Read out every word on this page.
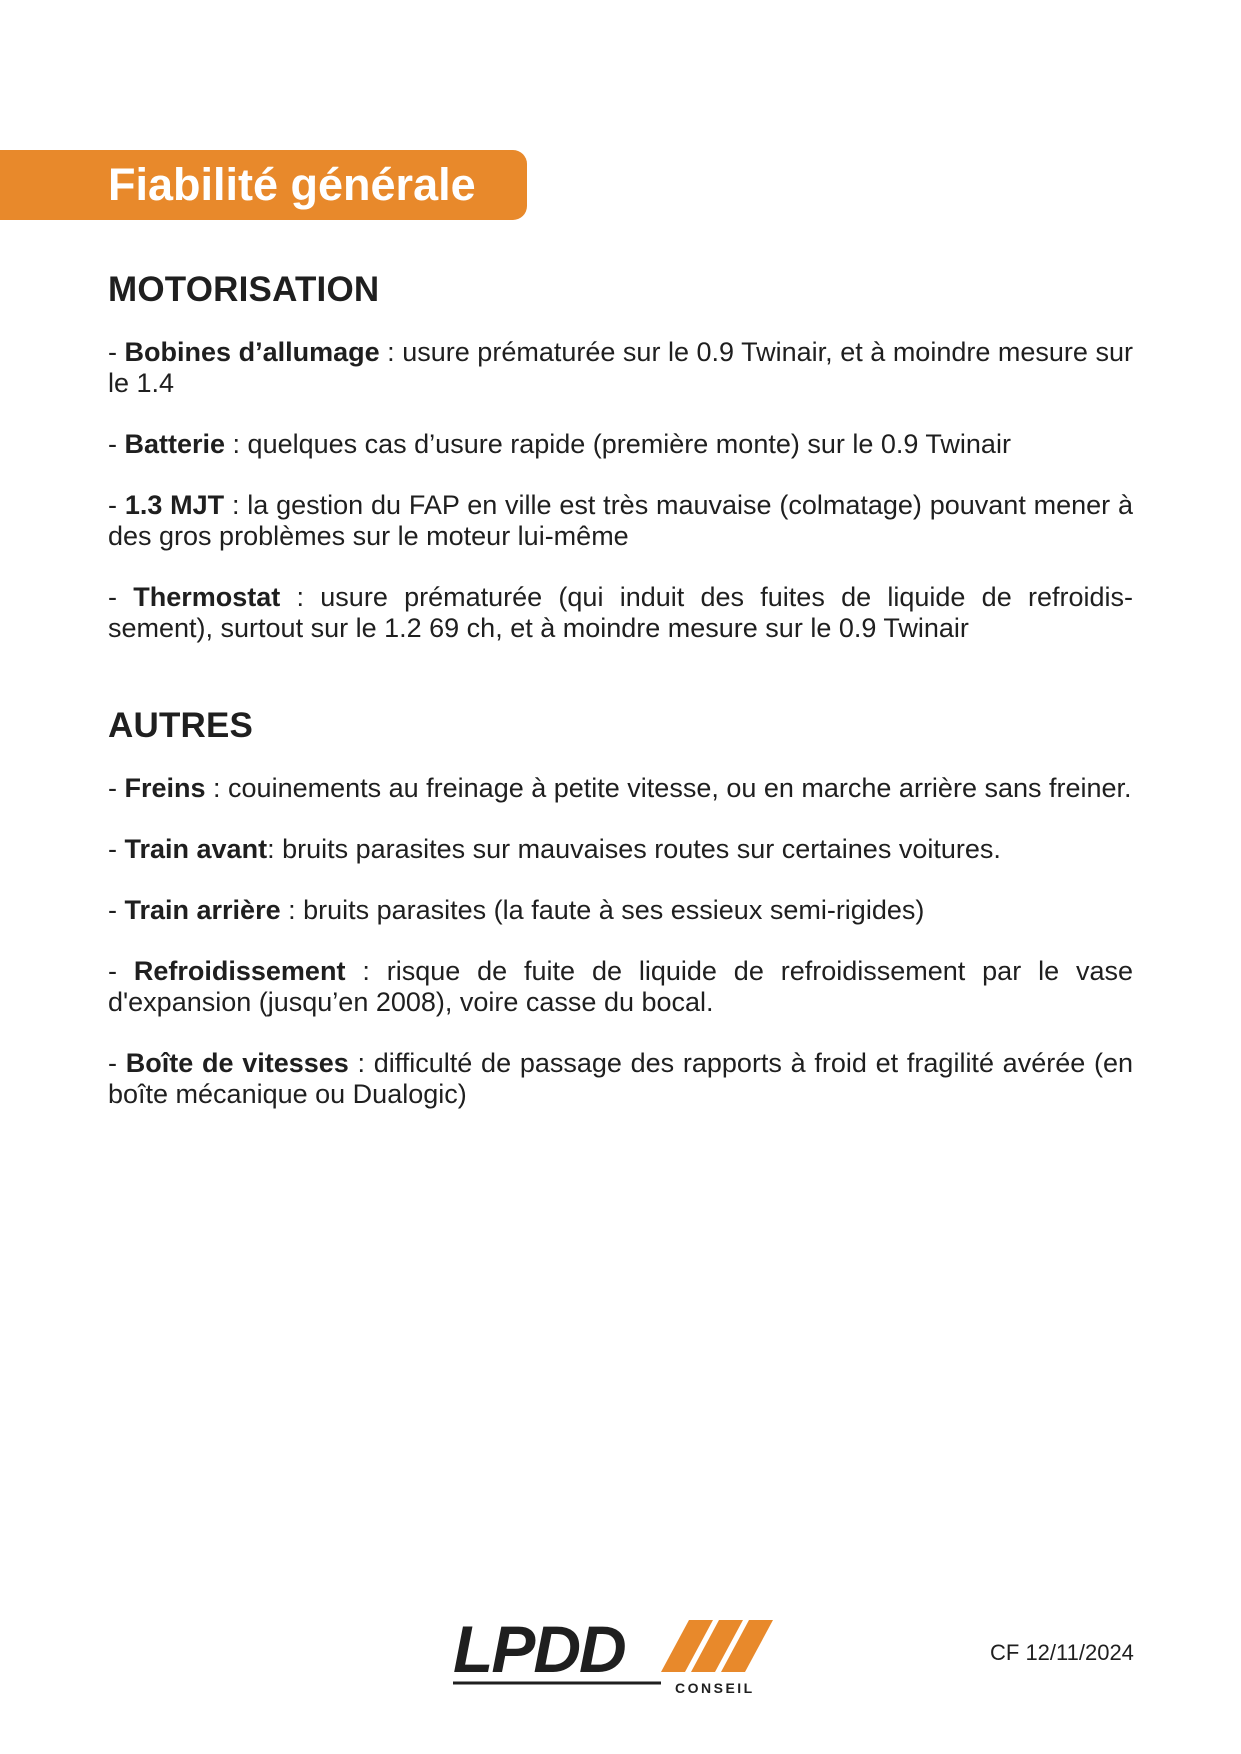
Fiabilité générale
MOTORISATION

- Bobines d’allumage : usure prématurée sur le 0.9 Twinair, et à moindre mesure sur le 1.4

- Batterie : quelques cas d’usure rapide (première monte) sur le 0.9 Twinair

- 1.3 MJT : la gestion du FAP en ville est très mauvaise (colmatage) pouvant mener à des gros problèmes sur le moteur lui-même

- Thermostat : usure prématurée (qui induit des fuites de liquide de refroidis- sement), surtout sur le 1.2 69 ch, et à moindre mesure sur le 0.9 Twinair

AUTRES

- Freins : couinements au freinage à petite vitesse, ou en marche arrière sans freiner.

- Train avant: bruits parasites sur mauvaises routes sur certaines voitures.

- Train arrière : bruits parasites (la faute à ses essieux semi-rigides)

- Refroidissement : risque de fuite de liquide de refroidissement par le vase d'expansion (jusqu’en 2008), voire casse du bocal.

- Boîte de vitesses : difficulté de passage des rapports à froid et fragilité avérée (en boîte mécanique ou Dualogic)

LPDD
CONSEIL
CF 12/11/2024
